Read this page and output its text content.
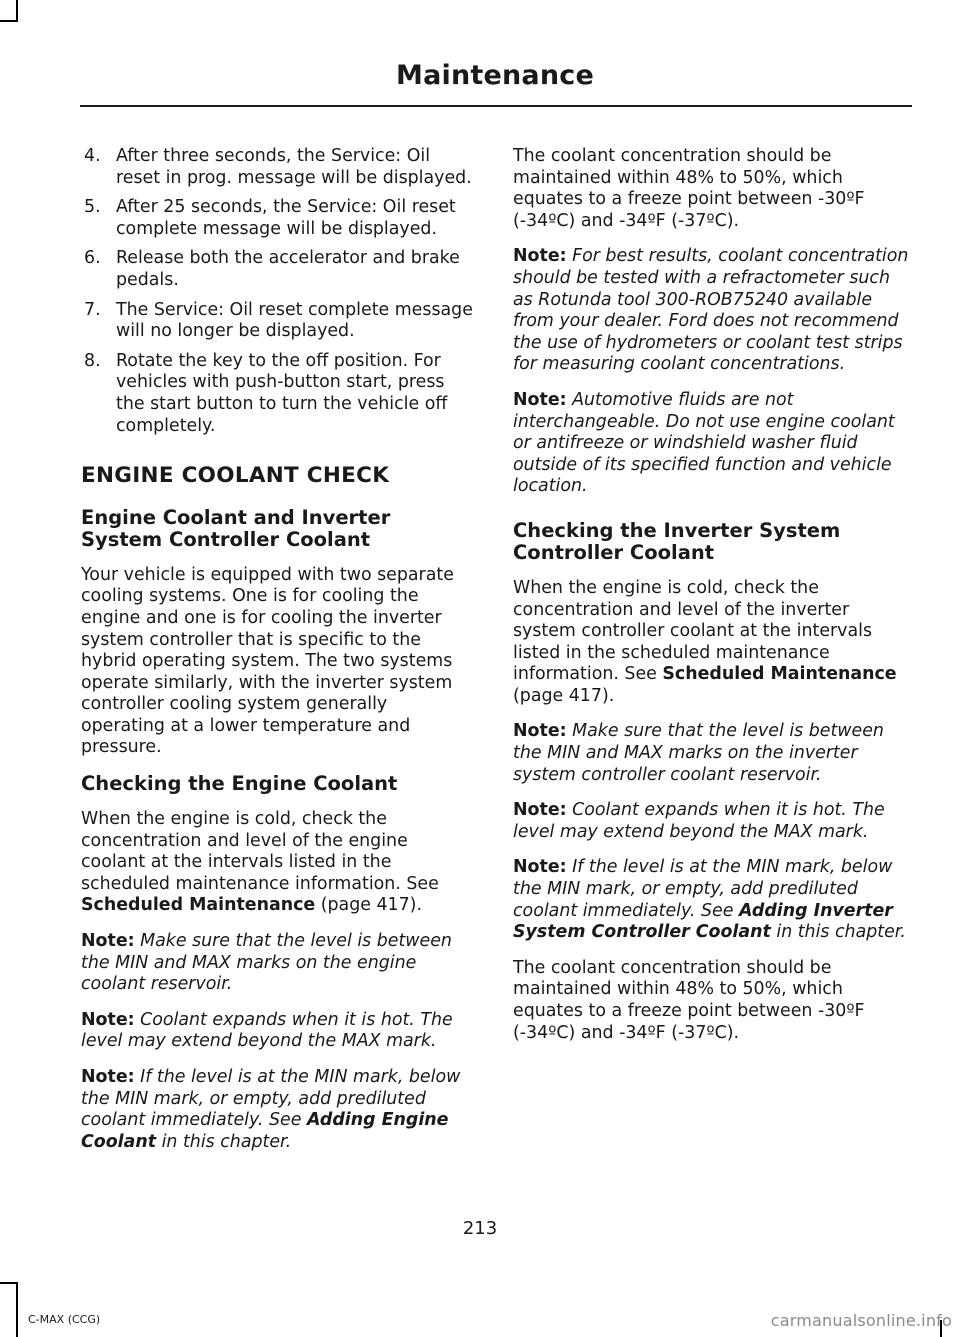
Maintenance
4. After three seconds, the Service: Oil reset in prog. message will be displayed.
5. After 25 seconds, the Service: Oil reset complete message will be displayed.
6. Release both the accelerator and brake pedals.
7. The Service: Oil reset complete message will no longer be displayed.
8. Rotate the key to the off position. For vehicles with push-button start, press the start button to turn the vehicle off completely.
ENGINE COOLANT CHECK
Engine Coolant and Inverter System Controller Coolant

Your vehicle is equipped with two separate cooling systems. One is for cooling the engine and one is for cooling the inverter system controller that is specific to the hybrid operating system. The two systems operate similarly, with the inverter system controller cooling system generally operating at a lower temperature and pressure.

Checking the Engine Coolant

When the engine is cold, check the concentration and level of the engine coolant at the intervals listed in the scheduled maintenance information. See Scheduled Maintenance (page 417).

Note: Make sure that the level is between the MIN and MAX marks on the engine coolant reservoir.

Note: Coolant expands when it is hot. The level may extend beyond the MAX mark.

Note: If the level is at the MIN mark, below the MIN mark, or empty, add prediluted coolant immediately. See Adding Engine Coolant in this chapter.

The coolant concentration should be maintained within 48% to 50%, which equates to a freeze point between -30ºF (-34ºC) and -34ºF (-37ºC).

Note: For best results, coolant concentration should be tested with a refractometer such as Rotunda tool 300-ROB75240 available from your dealer. Ford does not recommend the use of hydrometers or coolant test strips for measuring coolant concentrations.

Note: Automotive fluids are not interchangeable. Do not use engine coolant or antifreeze or windshield washer fluid outside of its specified function and vehicle location.

Checking the Inverter System Controller Coolant

When the engine is cold, check the concentration and level of the inverter system controller coolant at the intervals listed in the scheduled maintenance information. See Scheduled Maintenance (page 417).

Note: Make sure that the level is between the MIN and MAX marks on the inverter system controller coolant reservoir.

Note: Coolant expands when it is hot. The level may extend beyond the MAX mark.

Note: If the level is at the MIN mark, below the MIN mark, or empty, add prediluted coolant immediately. See Adding Inverter System Controller Coolant in this chapter.

The coolant concentration should be maintained within 48% to 50%, which equates to a freeze point between -30ºF (-34ºC) and -34ºF (-37ºC).

213
C-MAX (CCG)	carmanualsonline.info
